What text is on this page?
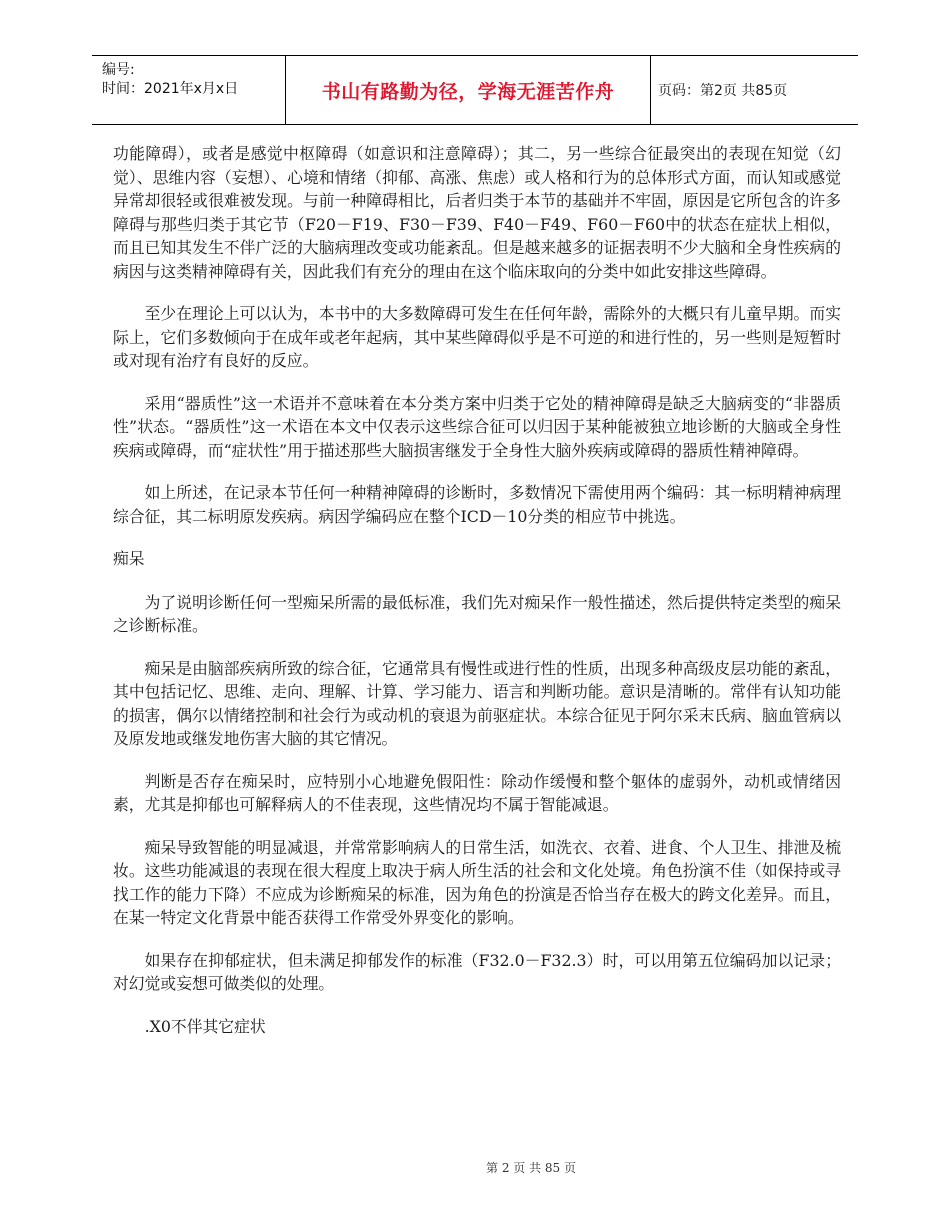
编号:
时间：2021年x月x日	书山有路勤为径，学海无涯苦作舟	页码：第2页 共85页

功能障碍），或者是感觉中枢障碍（如意识和注意障碍）；其二，另一些综合征最突出的表现在知觉（幻觉）、思维内容（妄想）、心境和情绪（抑郁、高涨、焦虑）或人格和行为的总体形式方面，而认知或感觉异常却很轻或很难被发现。与前一种障碍相比，后者归类于本节的基础并不牢固，原因是它所包含的许多障碍与那些归类于其它节（F20－F19、F30－F39、F40－F49、F60－F60中的状态在症状上相似，而且已知其发生不伴广泛的大脑病理改变或功能紊乱。但是越来越多的证据表明不少大脑和全身性疾病的病因与这类精神障碍有关，因此我们有充分的理由在这个临床取向的分类中如此安排这些障碍。

至少在理论上可以认为，本书中的大多数障碍可发生在任何年龄，需除外的大概只有儿童早期。而实际上，它们多数倾向于在成年或老年起病，其中某些障碍似乎是不可逆的和进行性的，另一些则是短暂时或对现有治疗有良好的反应。

采用“器质性”这一术语并不意味着在本分类方案中归类于它处的精神障碍是缺乏大脑病变的“非器质性”状态。“器质性”这一术语在本文中仅表示这些综合征可以归因于某种能被独立地诊断的大脑或全身性疾病或障碍，而“症状性”用于描述那些大脑损害继发于全身性大脑外疾病或障碍的器质性精神障碍。

如上所述，在记录本节任何一种精神障碍的诊断时，多数情况下需使用两个编码：其一标明精神病理综合征，其二标明原发疾病。病因学编码应在整个ICD－10分类的相应节中挑选。

痴呆

为了说明诊断任何一型痴呆所需的最低标准，我们先对痴呆作一般性描述，然后提供特定类型的痴呆之诊断标准。

痴呆是由脑部疾病所致的综合征，它通常具有慢性或进行性的性质，出现多种高级皮层功能的紊乱，其中包括记忆、思维、走向、理解、计算、学习能力、语言和判断功能。意识是清晰的。常伴有认知功能的损害，偶尔以情绪控制和社会行为或动机的衰退为前驱症状。本综合征见于阿尔采末氏病、脑血管病以及原发地或继发地伤害大脑的其它情况。

判断是否存在痴呆时，应特别小心地避免假阳性：除动作缓慢和整个躯体的虚弱外，动机或情绪因素，尤其是抑郁也可解释病人的不佳表现，这些情况均不属于智能减退。

痴呆导致智能的明显减退，并常常影响病人的日常生活，如洗衣、衣着、进食、个人卫生、排泄及梳妆。这些功能减退的表现在很大程度上取决于病人所生活的社会和文化处境。角色扮演不佳（如保持或寻找工作的能力下降）不应成为诊断痴呆的标准，因为角色的扮演是否恰当存在极大的跨文化差异。而且，在某一特定文化背景中能否获得工作常受外界变化的影响。

如果存在抑郁症状，但未满足抑郁发作的标准（F32.0－F32.3）时，可以用第五位编码加以记录；对幻觉或妄想可做类似的处理。

.X0不伴其它症状

第 2 页 共 85 页
